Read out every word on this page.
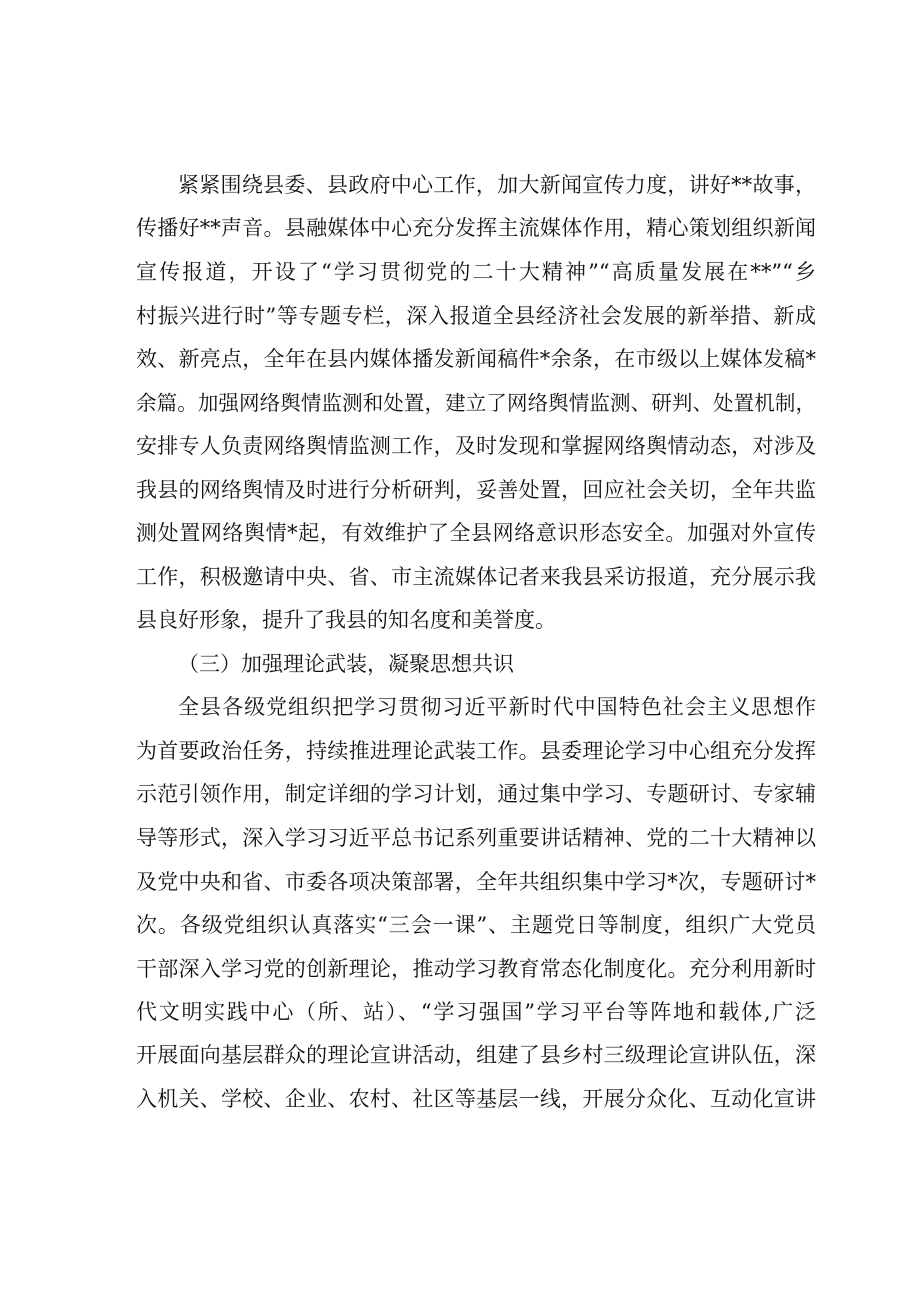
紧紧围绕县委、县政府中心工作，加大新闻宣传力度，讲好**故事，

传播好**声音。县融媒体中心充分发挥主流媒体作用，精心策划组织新闻

宣传报道，开设了“学习贯彻党的二十大精神”“高质量发展在**”“乡

村振兴进行时”等专题专栏，深入报道全县经济社会发展的新举措、新成

效、新亮点，全年在县内媒体播发新闻稿件*余条，在市级以上媒体发稿*

余篇。加强网络舆情监测和处置，建立了网络舆情监测、研判、处置机制，

安排专人负责网络舆情监测工作，及时发现和掌握网络舆情动态，对涉及

我县的网络舆情及时进行分析研判，妥善处置，回应社会关切，全年共监

测处置网络舆情*起，有效维护了全县网络意识形态安全。加强对外宣传

工作，积极邀请中央、省、市主流媒体记者来我县采访报道，充分展示我

县良好形象，提升了我县的知名度和美誉度。

（三）加强理论武装，凝聚思想共识

全县各级党组织把学习贯彻习近平新时代中国特色社会主义思想作

为首要政治任务，持续推进理论武装工作。县委理论学习中心组充分发挥

示范引领作用，制定详细的学习计划，通过集中学习、专题研讨、专家辅

导等形式，深入学习习近平总书记系列重要讲话精神、党的二十大精神以

及党中央和省、市委各项决策部署，全年共组织集中学习*次，专题研讨*

次。各级党组织认真落实“三会一课”、主题党日等制度，组织广大党员

干部深入学习党的创新理论，推动学习教育常态化制度化。充分利用新时

代文明实践中心（所、站）、“学习强国”学习平台等阵地和载体,广泛

开展面向基层群众的理论宣讲活动，组建了县乡村三级理论宣讲队伍，深

入机关、学校、企业、农村、社区等基层一线，开展分众化、互动化宣讲
